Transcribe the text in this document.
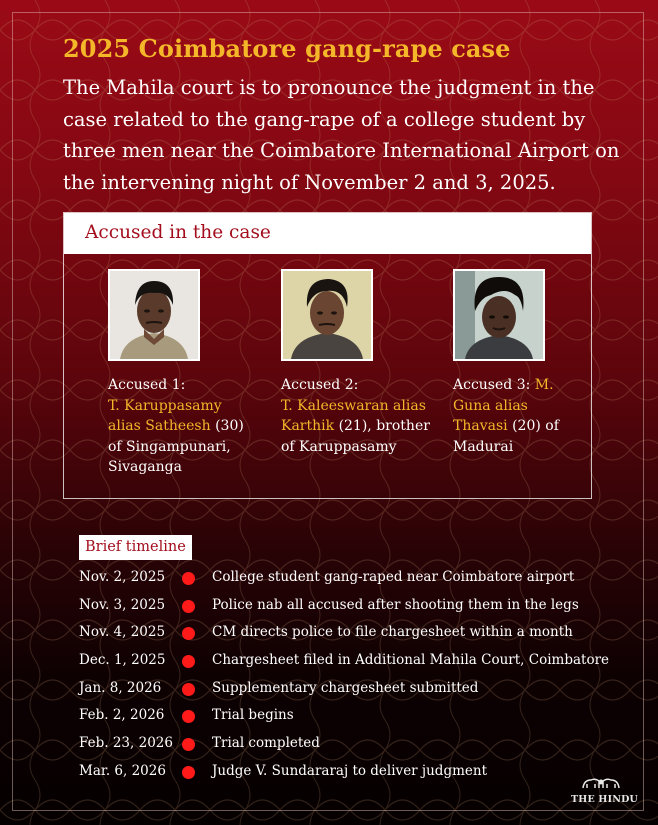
2025 Coimbatore gang-rape case
The Mahila court is to pronounce the judgment in the case related to the gang-rape of a college student by three men near the Coimbatore International Airport on the intervening night of November 2 and 3, 2025.
Accused in the case
Accused 1:
T. Karuppasamy alias Satheesh (30) of Singampunari, Sivaganga
Accused 2:
T. Kaleeswaran alias Karthik (21), brother of Karuppasamy
Accused 3: M. Guna alias Thavasi (20) of Madurai
Brief timeline
Nov. 2, 2025	College student gang-raped near Coimbatore airport
Nov. 3, 2025	Police nab all accused after shooting them in the legs
Nov. 4, 2025	CM directs police to file chargesheet within a month
Dec. 1, 2025	Chargesheet filed in Additional Mahila Court, Coimbatore
Jan. 8, 2026	Supplementary chargesheet submitted
Feb. 2, 2026	Trial begins
Feb. 23, 2026	Trial completed
Mar. 6, 2026	Judge V. Sundararaj to deliver judgment
THE HINDU
